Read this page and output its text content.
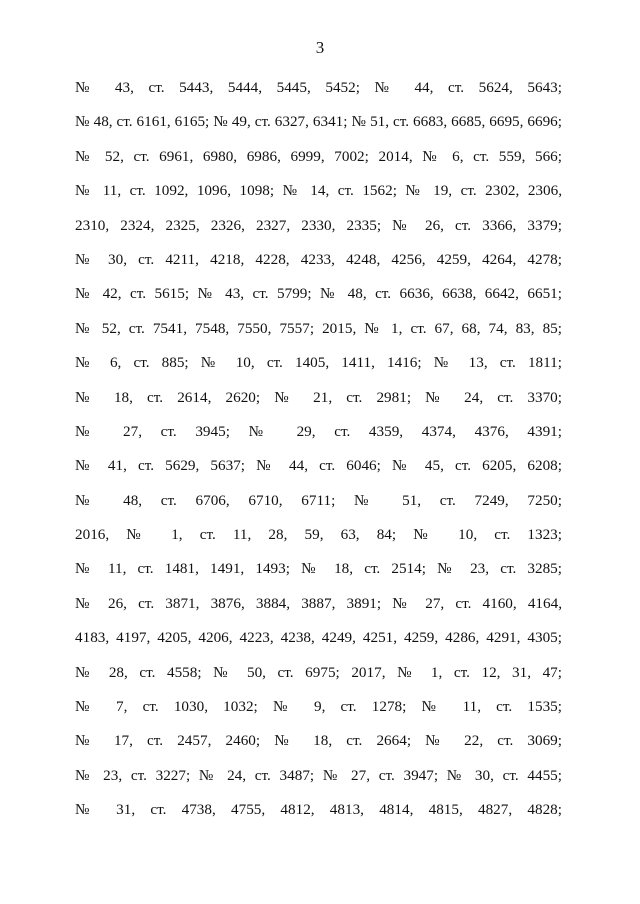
3
№ 43, ст. 5443, 5444, 5445, 5452; № 44, ст. 5624, 5643;
№ 48, ст. 6161, 6165; № 49, ст. 6327, 6341; № 51, ст. 6683, 6685, 6695, 6696;
№ 52, ст. 6961, 6980, 6986, 6999, 7002; 2014, № 6, ст. 559, 566;
№ 11, ст. 1092, 1096, 1098; № 14, ст. 1562; № 19, ст. 2302, 2306,
2310, 2324, 2325, 2326, 2327, 2330, 2335; № 26, ст. 3366, 3379;
№ 30, ст. 4211, 4218, 4228, 4233, 4248, 4256, 4259, 4264, 4278;
№ 42, ст. 5615; № 43, ст. 5799; № 48, ст. 6636, 6638, 6642, 6651;
№ 52, ст. 7541, 7548, 7550, 7557; 2015, № 1, ст. 67, 68, 74, 83, 85;
№ 6, ст. 885; № 10, ст. 1405, 1411, 1416; № 13, ст. 1811;
№ 18, ст. 2614, 2620; № 21, ст. 2981; № 24, ст. 3370;
№ 27, ст. 3945; № 29, ст. 4359, 4374, 4376, 4391;
№ 41, ст. 5629, 5637; № 44, ст. 6046; № 45, ст. 6205, 6208;
№ 48, ст. 6706, 6710, 6711; № 51, ст. 7249, 7250;
2016, № 1, ст. 11, 28, 59, 63, 84; № 10, ст. 1323;
№ 11, ст. 1481, 1491, 1493; № 18, ст. 2514; № 23, ст. 3285;
№ 26, ст. 3871, 3876, 3884, 3887, 3891; № 27, ст. 4160, 4164,
4183, 4197, 4205, 4206, 4223, 4238, 4249, 4251, 4259, 4286, 4291, 4305;
№ 28, ст. 4558; № 50, ст. 6975; 2017, № 1, ст. 12, 31, 47;
№ 7, ст. 1030, 1032; № 9, ст. 1278; № 11, ст. 1535;
№ 17, ст. 2457, 2460; № 18, ст. 2664; № 22, ст. 3069;
№ 23, ст. 3227; № 24, ст. 3487; № 27, ст. 3947; № 30, ст. 4455;
№ 31, ст. 4738, 4755, 4812, 4813, 4814, 4815, 4827, 4828;
